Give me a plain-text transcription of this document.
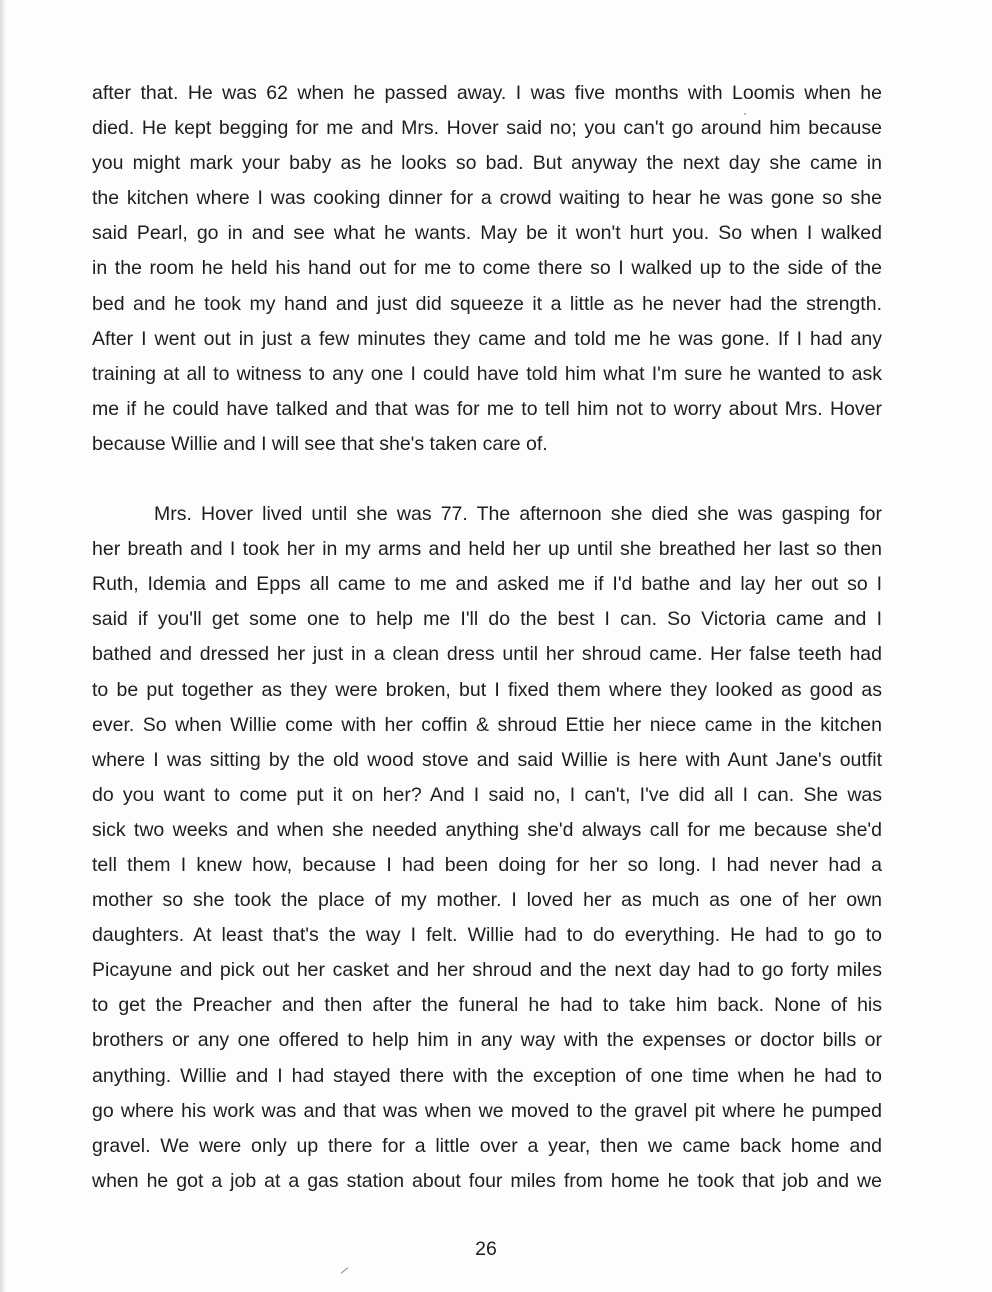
after that. He was 62 when he passed away. I was five months with Loomis when he
died. He kept begging for me and Mrs. Hover said no; you can't go around him because
you might mark your baby as he looks so bad. But anyway the next day she came in
the kitchen where I was cooking dinner for a crowd waiting to hear he was gone so she
said Pearl, go in and see what he wants. May be it won't hurt you. So when I walked
in the room he held his hand out for me to come there so I walked up to the side of the
bed and he took my hand and just did squeeze it a little as he never had the strength.
After I went out in just a few minutes they came and told me he was gone. If I had any
training at all to witness to any one I could have told him what I'm sure he wanted to ask
me if he could have talked and that was for me to tell him not to worry about Mrs. Hover
because Willie and I will see that she's taken care of.

Mrs. Hover lived until she was 77. The afternoon she died she was gasping for
her breath and I took her in my arms and held her up until she breathed her last so then
Ruth, Idemia and Epps all came to me and asked me if I'd bathe and lay her out so I
said if you'll get some one to help me I'll do the best I can. So Victoria came and I
bathed and dressed her just in a clean dress until her shroud came. Her false teeth had
to be put together as they were broken, but I fixed them where they looked as good as
ever. So when Willie come with her coffin & shroud Ettie her niece came in the kitchen
where I was sitting by the old wood stove and said Willie is here with Aunt Jane's outfit
do you want to come put it on her? And I said no, I can't, I've did all I can. She was
sick two weeks and when she needed anything she'd always call for me because she'd
tell them I knew how, because I had been doing for her so long. I had never had a
mother so she took the place of my mother. I loved her as much as one of her own
daughters. At least that's the way I felt. Willie had to do everything. He had to go to
Picayune and pick out her casket and her shroud and the next day had to go forty miles
to get the Preacher and then after the funeral he had to take him back. None of his
brothers or any one offered to help him in any way with the expenses or doctor bills or
anything. Willie and I had stayed there with the exception of one time when he had to
go where his work was and that was when we moved to the gravel pit where he pumped
gravel. We were only up there for a little over a year, then we came back home and
when he got a job at a gas station about four miles from home he took that job and we

26
